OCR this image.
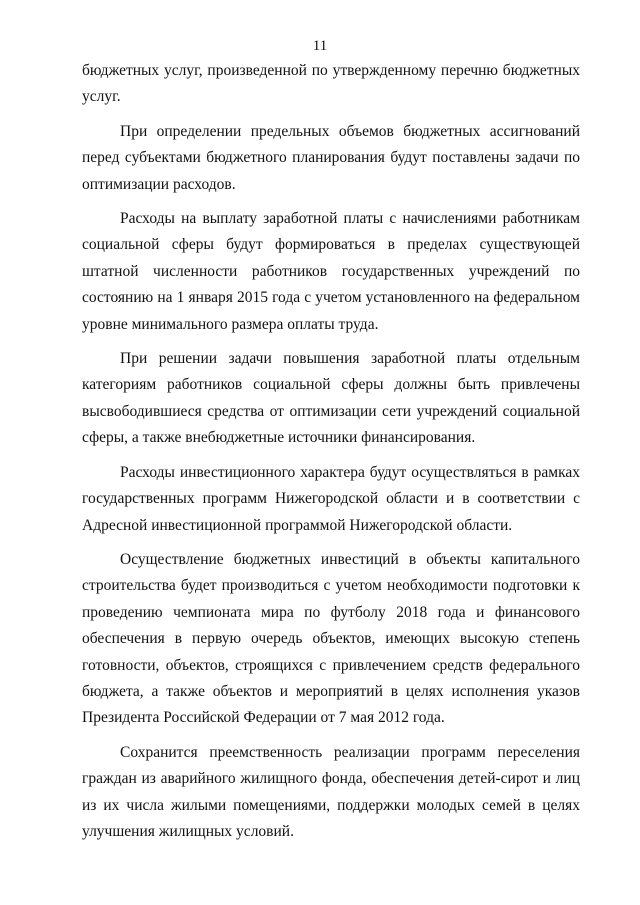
11

бюджетных услуг, произведенной по утвержденному перечню бюджетных услуг.

При определении предельных объемов бюджетных ассигнований перед субъектами бюджетного планирования будут поставлены задачи по оптимизации расходов.

Расходы на выплату заработной платы с начислениями работникам социальной сферы будут формироваться в пределах существующей штатной численности работников государственных учреждений по состоянию на 1 января 2015 года с учетом установленного на федеральном уровне минимального размера оплаты труда.

При решении задачи повышения заработной платы отдельным категориям работников социальной сферы должны быть привлечены высвободившиеся средства от оптимизации сети учреждений социальной сферы, а также внебюджетные источники финансирования.

Расходы инвестиционного характера будут осуществляться в рамках государственных программ Нижегородской области и в соответствии с Адресной инвестиционной программой Нижегородской области.

Осуществление бюджетных инвестиций в объекты капитального строительства будет производиться с учетом необходимости подготовки к проведению чемпионата мира по футболу 2018 года и финансового обеспечения в первую очередь объектов, имеющих высокую степень готовности, объектов, строящихся с привлечением средств федерального бюджета, а также объектов и мероприятий в целях исполнения указов Президента Российской Федерации от 7 мая 2012 года.

Сохранится преемственность реализации программ переселения граждан из аварийного жилищного фонда, обеспечения детей-сирот и лиц из их числа жилыми помещениями, поддержки молодых семей в целях улучшения жилищных условий.
